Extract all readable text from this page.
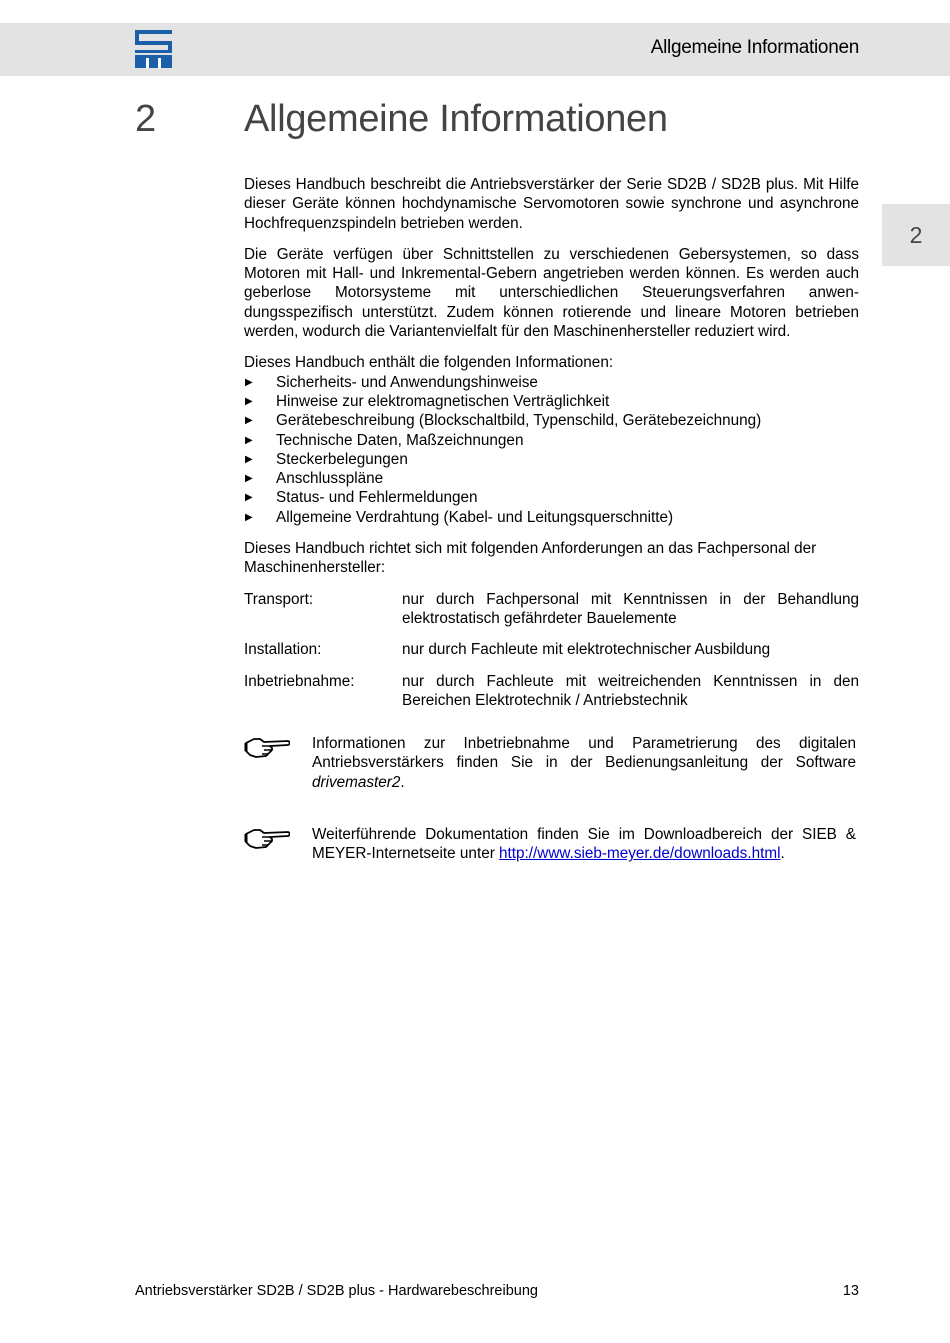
Allgemeine Informationen
2 Allgemeine Informationen
2

Dieses Handbuch beschreibt die Antriebsverstärker der Serie SD2B / SD2B plus. Mit Hilfe dieser Geräte können hochdynamische Servomotoren sowie synchrone und asynchrone Hochfrequenzspindeln betrieben werden.

Die Geräte verfügen über Schnittstellen zu verschiedenen Gebersystemen, so dass Motoren mit Hall- und Inkremental-Gebern angetrieben werden können. Es werden auch geberlose Motorsysteme mit unterschiedlichen Steuerungsverfahren anwendungsspezifisch unterstützt. Zudem können rotierende und lineare Motoren betrieben werden, wodurch die Variantenvielfalt für den Maschinenhersteller reduziert wird.

Dieses Handbuch enthält die folgenden Informationen:

▶ Sicherheits- und Anwendungshinweise
▶ Hinweise zur elektromagnetischen Verträglichkeit
▶ Gerätebeschreibung (Blockschaltbild, Typenschild, Gerätebezeichnung)
▶ Technische Daten, Maßzeichnungen
▶ Steckerbelegungen
▶ Anschlusspläne
▶ Status- und Fehlermeldungen
▶ Allgemeine Verdrahtung (Kabel- und Leitungsquerschnitte)

Dieses Handbuch richtet sich mit folgenden Anforderungen an das Fachpersonal der Maschinenhersteller:

Transport:	nur durch Fachpersonal mit Kenntnissen in der Behandlung elektrostatisch gefährdeter Bauelemente
Installation:	nur durch Fachleute mit elektrotechnischer Ausbildung
Inbetriebnahme:	nur durch Fachleute mit weitreichenden Kenntnissen in den Bereichen Elektrotechnik / Antriebstechnik
Informationen zur Inbetriebnahme und Parametrierung des digitalen Antriebsverstärkers finden Sie in der Bedienungsanleitung der Software drivemaster2.
Weiterführende Dokumentation finden Sie im Downloadbereich der SIEB & MEYER-Internetseite unter http://www.sieb-meyer.de/downloads.html.
Antriebsverstärker SD2B / SD2B plus - Hardwarebeschreibung	13
